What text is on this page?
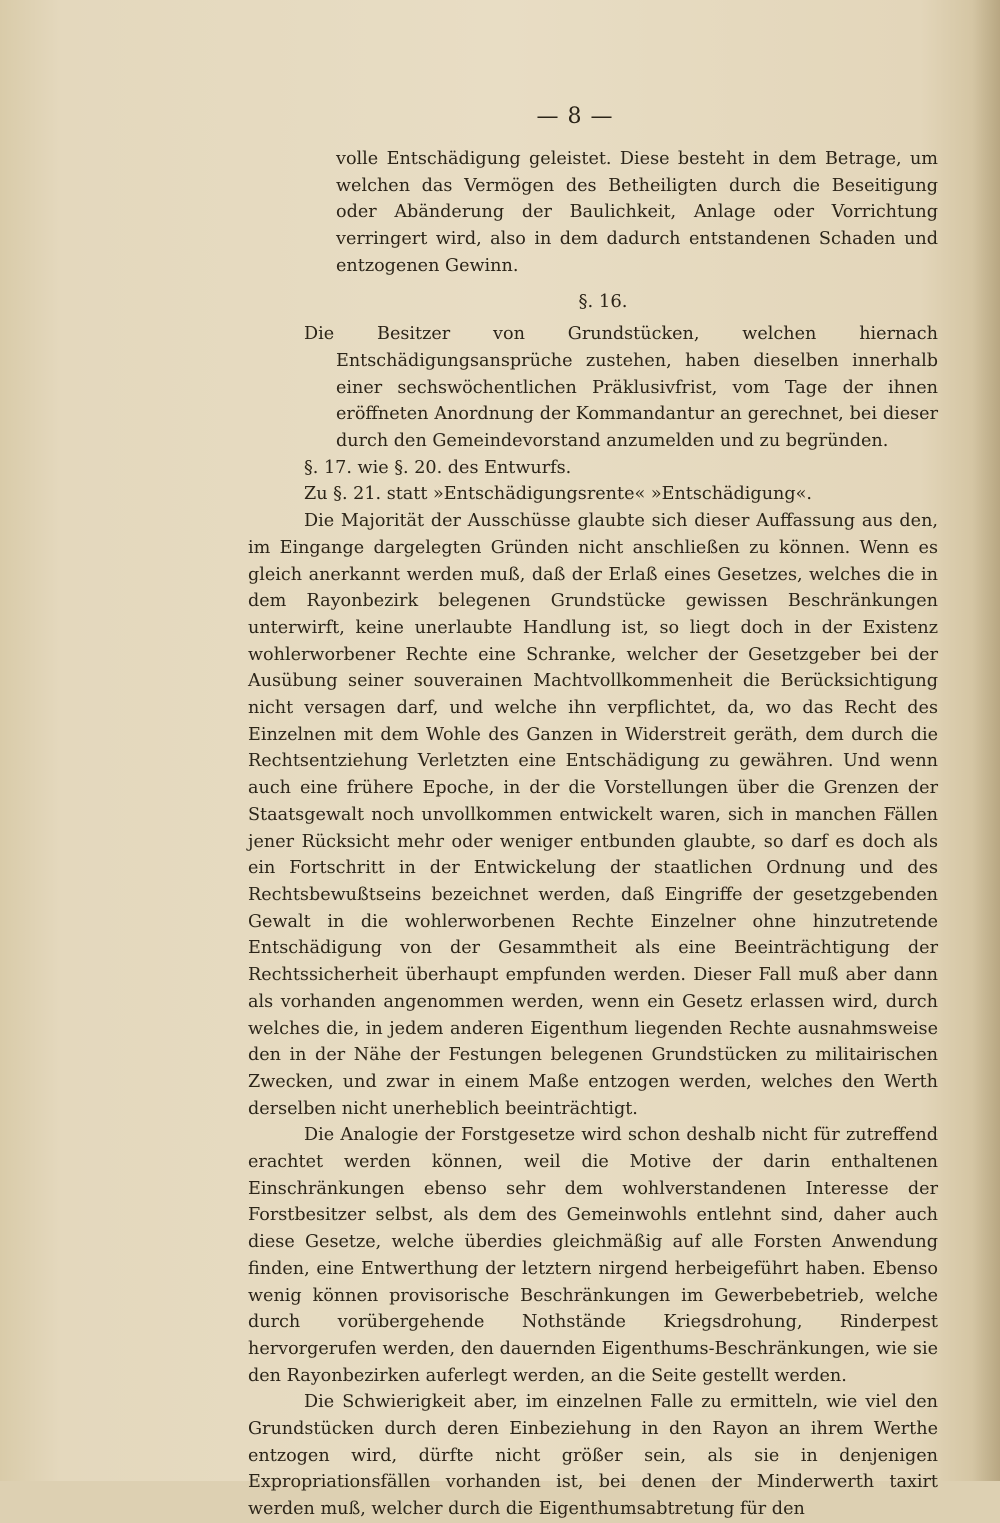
— 8 —

volle Entschädigung geleistet. Diese besteht in dem Betrage, um welchen das Vermögen des Betheiligten durch die Beseitigung oder Abänderung der Baulichkeit, Anlage oder Vorrichtung verringert wird, also in dem dadurch entstandenen Schaden und entzogenen Gewinn.

§. 16.

Die Besitzer von Grundstücken, welchen hiernach Entschädigungsansprüche zustehen, haben dieselben innerhalb einer sechswöchentlichen Präklusivfrist, vom Tage der ihnen eröffneten Anordnung der Kommandantur an gerechnet, bei dieser durch den Gemeindevorstand anzumelden und zu begründen.

§. 17. wie §. 20. des Entwurfs.

Zu §. 21. statt »Entschädigungsrente« »Entschädigung«.

Die Majorität der Ausschüsse glaubte sich dieser Auffassung aus den, im Eingange dargelegten Gründen nicht anschließen zu können. Wenn es gleich anerkannt werden muß, daß der Erlaß eines Gesetzes, welches die in dem Rayonbezirk belegenen Grundstücke gewissen Beschränkungen unterwirft, keine unerlaubte Handlung ist, so liegt doch in der Existenz wohlerworbener Rechte eine Schranke, welcher der Gesetzgeber bei der Ausübung seiner souverainen Machtvollkommenheit die Berücksichtigung nicht versagen darf, und welche ihn verpflichtet, da, wo das Recht des Einzelnen mit dem Wohle des Ganzen in Widerstreit geräth, dem durch die Rechtsentziehung Verletzten eine Entschädigung zu gewähren. Und wenn auch eine frühere Epoche, in der die Vorstellungen über die Grenzen der Staatsgewalt noch unvollkommen entwickelt waren, sich in manchen Fällen jener Rücksicht mehr oder weniger entbunden glaubte, so darf es doch als ein Fortschritt in der Entwickelung der staatlichen Ordnung und des Rechtsbewußtseins bezeichnet werden, daß Eingriffe der gesetzgebenden Gewalt in die wohlerworbenen Rechte Einzelner ohne hinzutretende Entschädigung von der Gesammtheit als eine Beeinträchtigung der Rechtssicherheit überhaupt empfunden werden. Dieser Fall muß aber dann als vorhanden angenommen werden, wenn ein Gesetz erlassen wird, durch welches die, in jedem anderen Eigenthum liegenden Rechte ausnahmsweise den in der Nähe der Festungen belegenen Grundstücken zu militairischen Zwecken, und zwar in einem Maße entzogen werden, welches den Werth derselben nicht unerheblich beeinträchtigt.

Die Analogie der Forstgesetze wird schon deshalb nicht für zutreffend erachtet werden können, weil die Motive der darin enthaltenen Einschränkungen ebenso sehr dem wohlverstandenen Interesse der Forstbesitzer selbst, als dem des Gemeinwohls entlehnt sind, daher auch diese Gesetze, welche überdies gleichmäßig auf alle Forsten Anwendung finden, eine Entwerthung der letztern nirgend herbeigeführt haben. Ebenso wenig können provisorische Beschränkungen im Gewerbebetrieb, welche durch vorübergehende Nothstände Kriegsdrohung, Rinderpest hervorgerufen werden, den dauernden Eigenthums-Beschränkungen, wie sie den Rayonbezirken auferlegt werden, an die Seite gestellt werden.

Die Schwierigkeit aber, im einzelnen Falle zu ermitteln, wie viel den Grundstücken durch deren Einbeziehung in den Rayon an ihrem Werthe entzogen wird, dürfte nicht größer sein, als sie in denjenigen Expropriationsfällen vorhanden ist, bei denen der Minderwerth taxirt werden muß, welcher durch die Eigenthumsabtretung für den
